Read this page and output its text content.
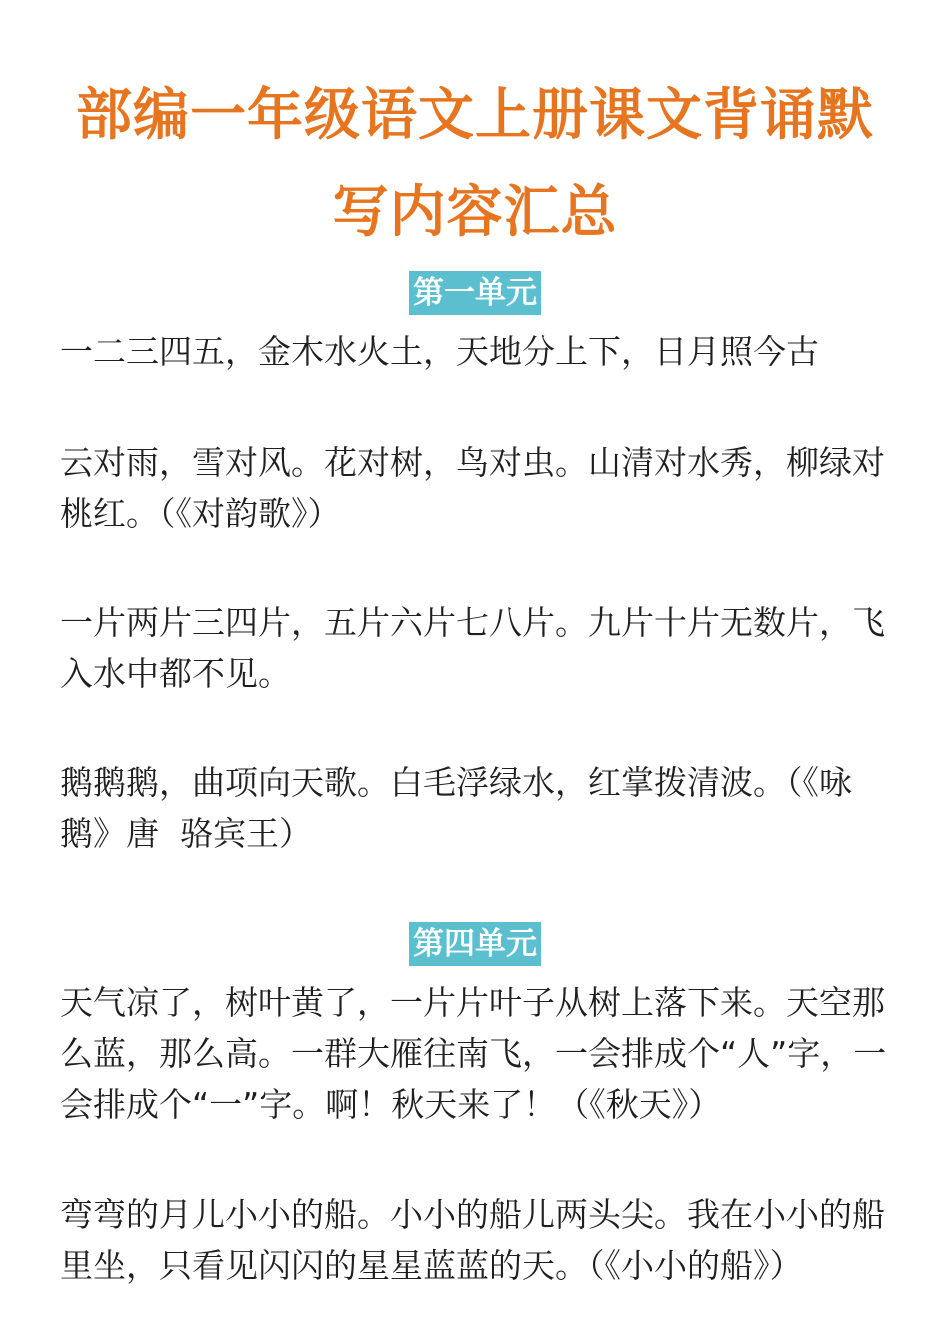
部编一年级语文上册课文背诵默
写内容汇总
第一单元
一二三四五，金木水火土，天地分上下，日月照今古
云对雨，雪对风。花对树，鸟对虫。山清对水秀，柳绿对桃红。（《对韵歌》）
一片两片三四片，五片六片七八片。九片十片无数片，飞入水中都不见。
鹅鹅鹅，曲项向天歌。白毛浮绿水，红掌拨清波。（《咏鹅》唐  骆宾王）
第四单元
天气凉了，树叶黄了，一片片叶子从树上落下来。天空那么蓝，那么高。一群大雁往南飞，一会排成个“人”字，一会排成个“一”字。啊！秋天来了！（《秋天》）
弯弯的月儿小小的船。小小的船儿两头尖。我在小小的船里坐，只看见闪闪的星星蓝蓝的天。（《小小的船》）
